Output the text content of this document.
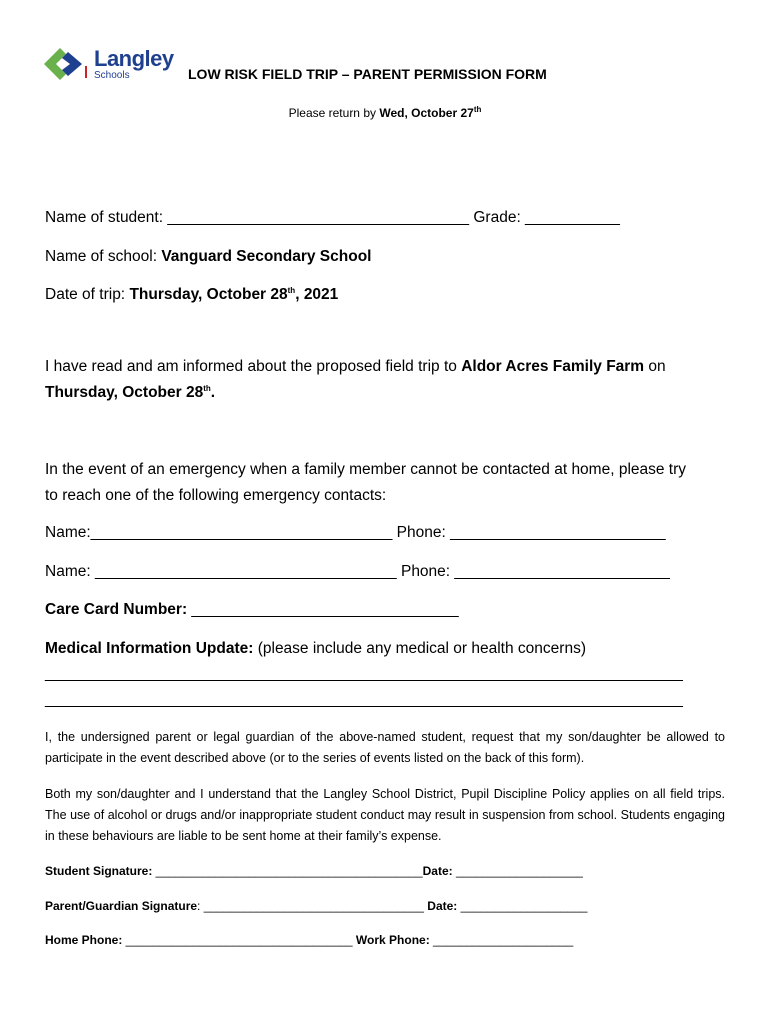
Langley
Schools	LOW RISK FIELD TRIP – PARENT PERMISSION FORM
Please return by Wed, October 27th
Name of student: ___________________________________ Grade: ___________
Name of school: Vanguard Secondary School
Date of trip: Thursday, October 28th, 2021
I have read and am informed about the proposed field trip to Aldor Acres Family Farm on
Thursday, October 28th.
In the event of an emergency when a family member cannot be contacted at home, please try
to reach one of the following emergency contacts:
Name:___________________________________ Phone: _________________________
Name: ___________________________________ Phone: _________________________
Care Card Number: _______________________________
Medical Information Update: (please include any medical or health concerns)
__________________________________________________________________________
__________________________________________________________________________
I, the undersigned parent or legal guardian of the above-named student, request that my son/daughter be allowed to participate in the event described above (or to the series of events listed on the back of this form).
Both my son/daughter and I understand that the Langley School District, Pupil Discipline Policy applies on all field trips. The use of alcohol or drugs and/or inappropriate student conduct may result in suspension from school. Students engaging in these behaviours are liable to be sent home at their family’s expense.
Student Signature: ________________________________________Date: ___________________
Parent/Guardian Signature: _________________________________ Date: ___________________
Home Phone: __________________________________ Work Phone: _____________________
